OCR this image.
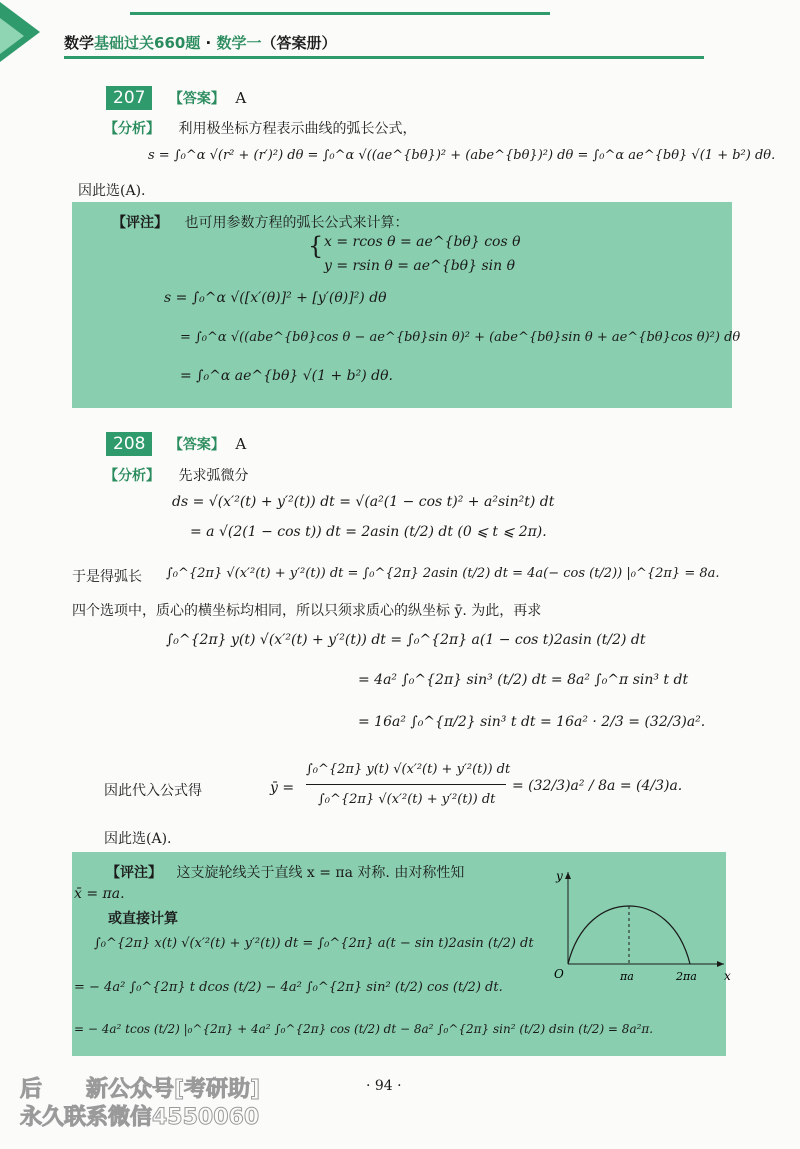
数学基础过关660题 · 数学一（答案册）
207 【答案】 A
【分析】 利用极坐标方程表示曲线的弧长公式，
s = ∫₀^α √(r² + (r′)²) dθ = ∫₀^α √((ae^{bθ})² + (abe^{bθ})²) dθ = ∫₀^α ae^{bθ} √(1 + b²) dθ.
因此选(A).
【评注】 也可用参数方程的弧长公式来计算：
{ x = rcos θ = ae^{bθ} cos θ
y = rsin θ = ae^{bθ} sin θ
s = ∫₀^α √([x′(θ)]² + [y′(θ)]²) dθ
= ∫₀^α √((abe^{bθ}cos θ − ae^{bθ}sin θ)² + (abe^{bθ}sin θ + ae^{bθ}cos θ)²) dθ
= ∫₀^α ae^{bθ} √(1 + b²) dθ.
208 【答案】 A
【分析】 先求弧微分
ds = √(x′²(t) + y′²(t)) dt = √(a²(1 − cos t)² + a²sin²t) dt
= a √(2(1 − cos t)) dt = 2asin (t/2) dt (0 ⩽ t ⩽ 2π).
于是得弧长 ∫₀^{2π} √(x′²(t) + y′²(t)) dt = ∫₀^{2π} 2asin (t/2) dt = 4a(− cos (t/2)) |₀^{2π} = 8a.
四个选项中，质心的横坐标均相同，所以只须求质心的纵坐标 ȳ. 为此，再求
∫₀^{2π} y(t) √(x′²(t) + y′²(t)) dt = ∫₀^{2π} a(1 − cos t)2asin (t/2) dt
= 4a² ∫₀^{2π} sin³ (t/2) dt = 8a² ∫₀^π sin³ t dt
= 16a² ∫₀^{π/2} sin³ t dt = 16a² · 2/3 = (32/3)a².
因此代入公式得	ȳ =
∫₀^{2π} y(t) √(x′²(t) + y′²(t)) dt
∫₀^{2π} √(x′²(t) + y′²(t)) dt
= (32/3)a² / 8a = (4/3)a.
因此选(A).
【评注】 这支旋轮线关于直线 x = πa 对称. 由对称性知
x̄ = πa.
或直接计算
∫₀^{2π} x(t) √(x′²(t) + y′²(t)) dt = ∫₀^{2π} a(t − sin t)2asin (t/2) dt
= − 4a² ∫₀^{2π} t dcos (t/2) − 4a² ∫₀^{2π} sin² (t/2) cos (t/2) dt.
= − 4a² tcos (t/2) |₀^{2π} + 4a² ∫₀^{2π} cos (t/2) dt − 8a² ∫₀^{2π} sin² (t/2) dsin (t/2) = 8a²π.
y
x
O	πa	2πa
· 94 ·
后  新公众号[考研助]
永久联系微信4550060
